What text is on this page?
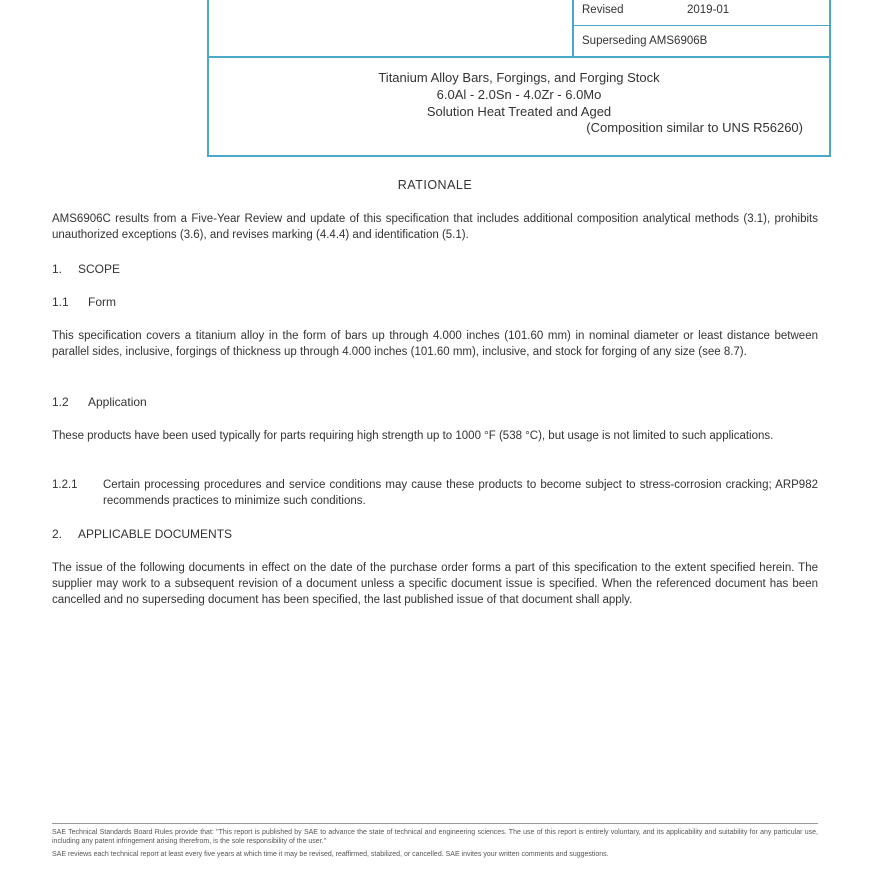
Revised	2019-01
Superseding AMS6906B
Titanium Alloy Bars, Forgings, and Forging Stock
6.0Al - 2.0Sn - 4.0Zr - 6.0Mo
Solution Heat Treated and Aged
(Composition similar to UNS R56260)
RATIONALE
AMS6906C results from a Five-Year Review and update of this specification that includes additional composition analytical methods (3.1), prohibits unauthorized exceptions (3.6), and revises marking (4.4.4) and identification (5.1).
1. SCOPE
1.1 Form
This specification covers a titanium alloy in the form of bars up through 4.000 inches (101.60 mm) in nominal diameter or least distance between parallel sides, inclusive, forgings of thickness up through 4.000 inches (101.60 mm), inclusive, and stock for forging of any size (see 8.7).
1.2 Application
These products have been used typically for parts requiring high strength up to 1000 °F (538 °C), but usage is not limited to such applications.
1.2.1 Certain processing procedures and service conditions may cause these products to become subject to stress-corrosion cracking; ARP982 recommends practices to minimize such conditions.
2. APPLICABLE DOCUMENTS
The issue of the following documents in effect on the date of the purchase order forms a part of this specification to the extent specified herein. The supplier may work to a subsequent revision of a document unless a specific document issue is specified. When the referenced document has been cancelled and no superseding document has been specified, the last published issue of that document shall apply.
SAE Technical Standards Board Rules provide that: "This report is published by SAE to advance the state of technical and engineering sciences. The use of this report is entirely voluntary, and its applicability and suitability for any particular use, including any patent infringement arising therefrom, is the sole responsibility of the user."
SAE reviews each technical report at least every five years at which time it may be revised, reaffirmed, stabilized, or cancelled. SAE invites your written comments and suggestions.
